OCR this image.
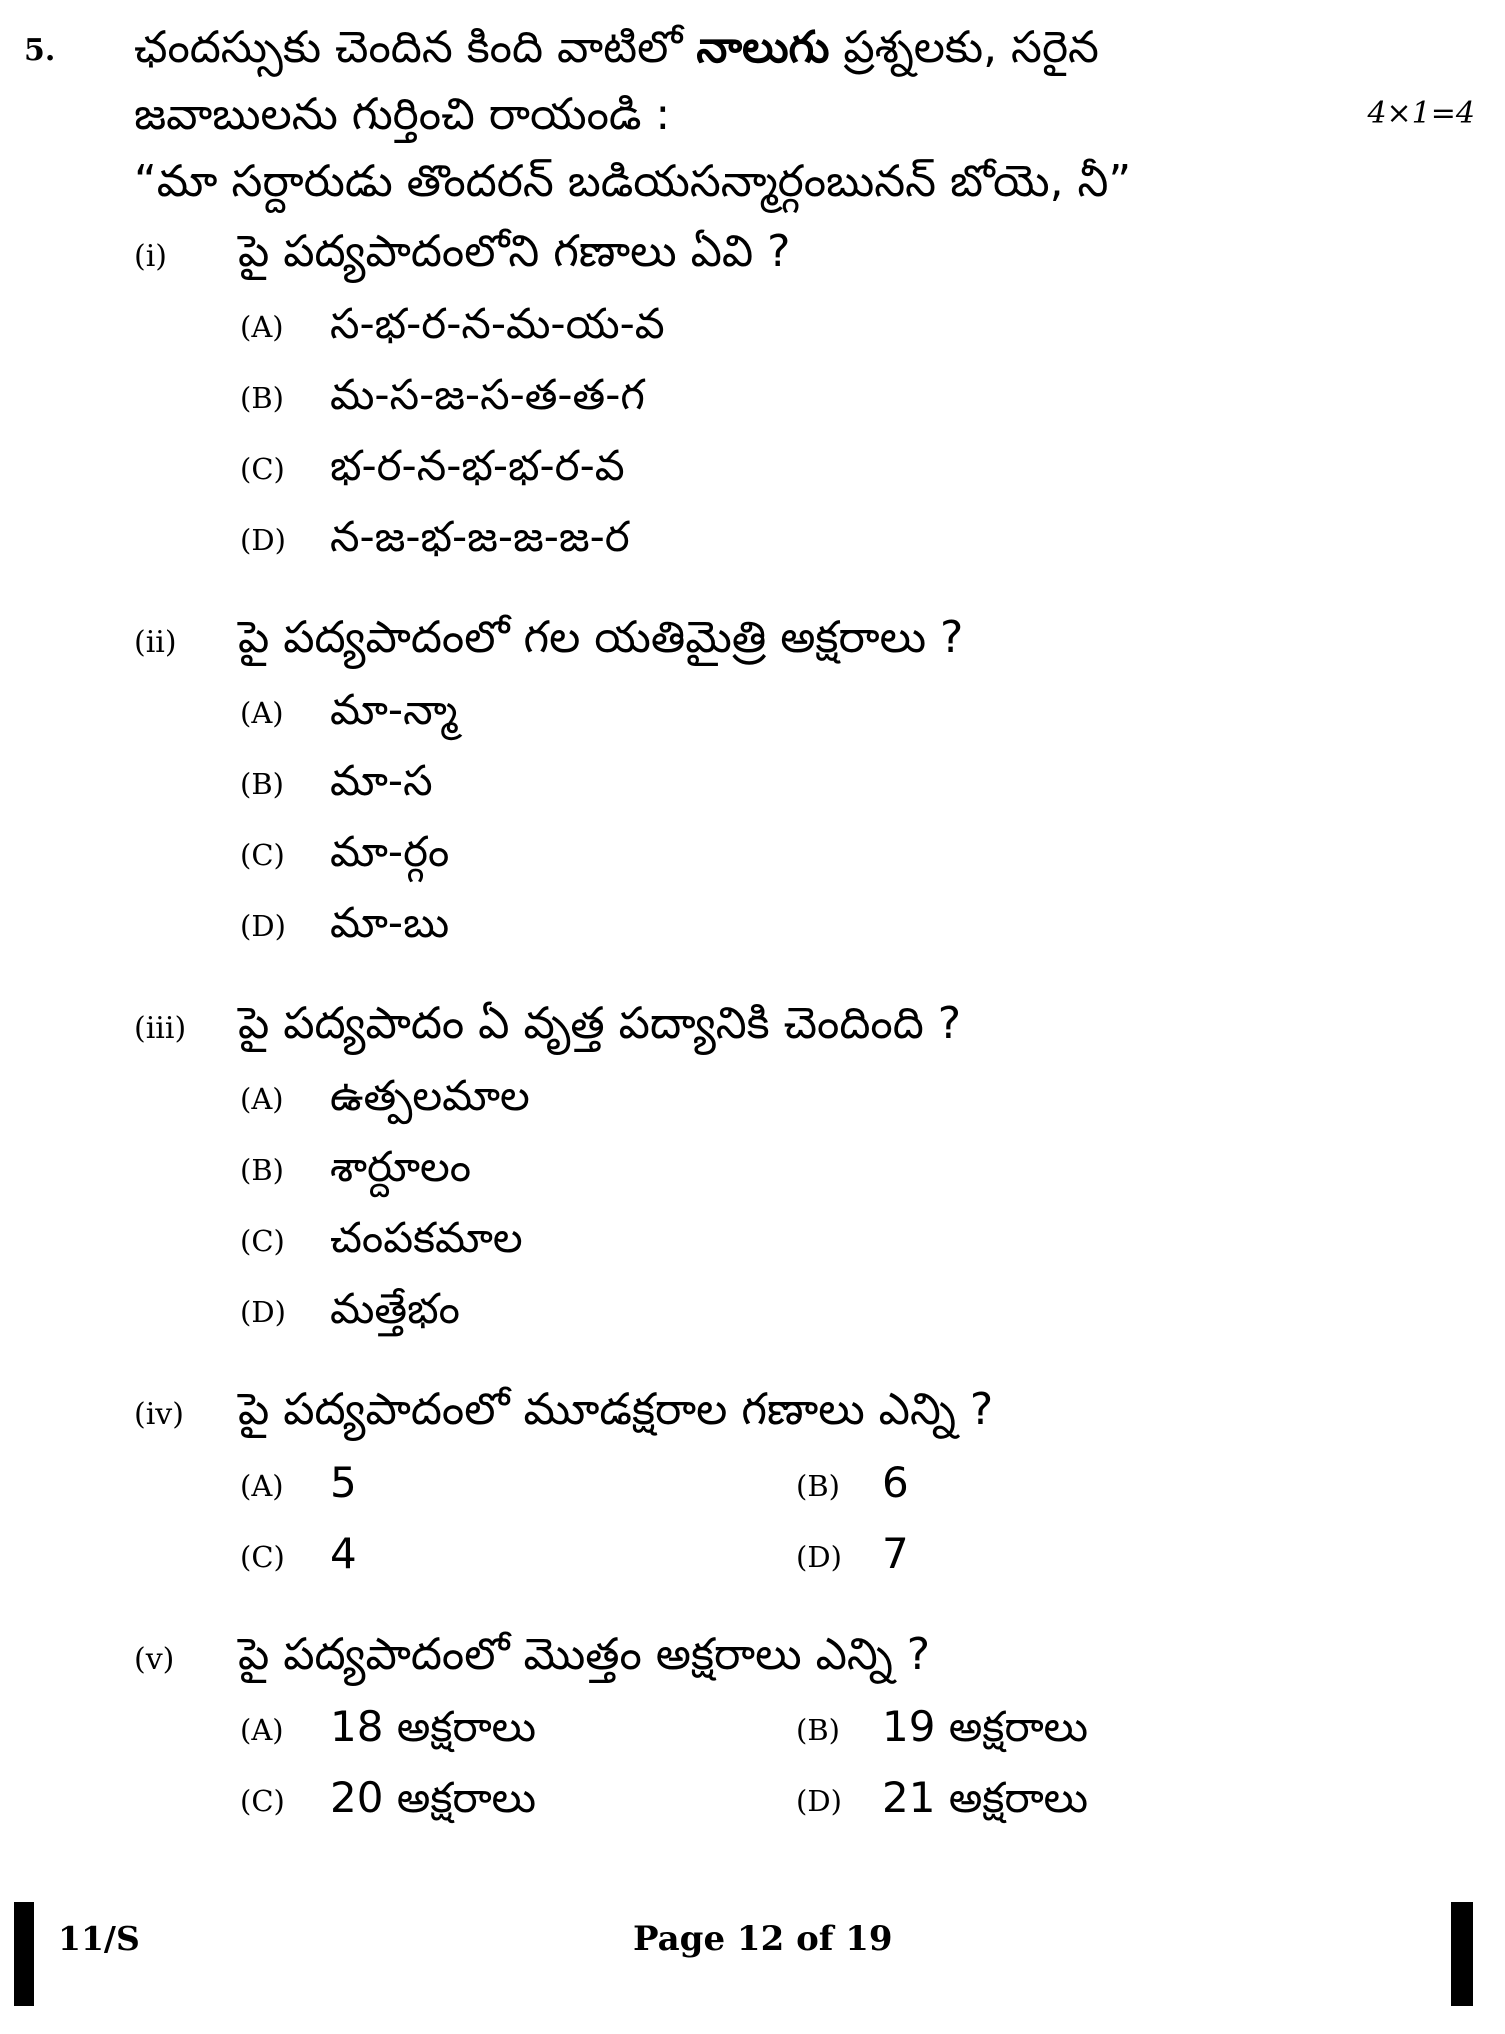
5. ఛందస్సుకు చెందిన కింది వాటిలో నాలుగు ప్రశ్నలకు, సరైన
జవాబులను గుర్తించి రాయండి :	4×1=4
“మా సర్దారుడు తొందరన్ బడియసన్మార్గంబునన్ బోయె, నీ”
(i) పై పద్యపాదంలోని గణాలు ఏవి ?
(A) స-భ-ర-న-మ-య-వ
(B) మ-స-జ-స-త-త-గ
(C) భ-ర-న-భ-భ-ర-వ
(D) న-జ-భ-జ-జ-జ-ర
(ii) పై పద్యపాదంలో గల యతిమైత్రి అక్షరాలు ?
(A) మా-న్మా
(B) మా-స
(C) మా-ర్గం
(D) మా-బు
(iii) పై పద్యపాదం ఏ వృత్త పద్యానికి చెందింది ?
(A) ఉత్పలమాల
(B) శార్దూలం
(C) చంపకమాల
(D) మత్తేభం
(iv) పై పద్యపాదంలో మూడక్షరాల గణాలు ఎన్ని ?
(A) 5	(B) 6
(C) 4	(D) 7
(v) పై పద్యపాదంలో మొత్తం అక్షరాలు ఎన్ని ?
(A) 18 అక్షరాలు	(B) 19 అక్షరాలు
(C) 20 అక్షరాలు	(D) 21 అక్షరాలు
11/S	Page 12 of 19
